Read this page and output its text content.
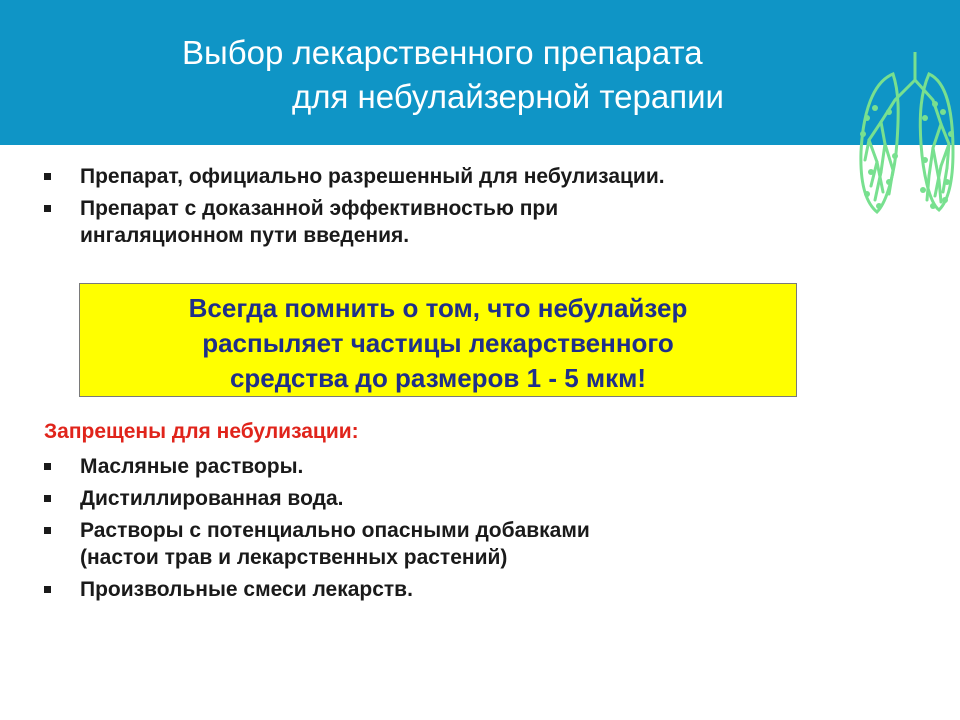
Выбор лекарственного препарата
для небулайзерной терапии
Препарат, официально разрешенный для небулизации.
Препарат с доказанной эффективностью при
ингаляционном пути введения.
Всегда помнить о том, что небулайзер
распыляет частицы лекарственного
средства до размеров 1 - 5 мкм!
Запрещены для небулизации:
Масляные растворы.
Дистиллированная вода.
Растворы с потенциально опасными добавками
(настои трав и лекарственных растений)
Произвольные смеси лекарств.
